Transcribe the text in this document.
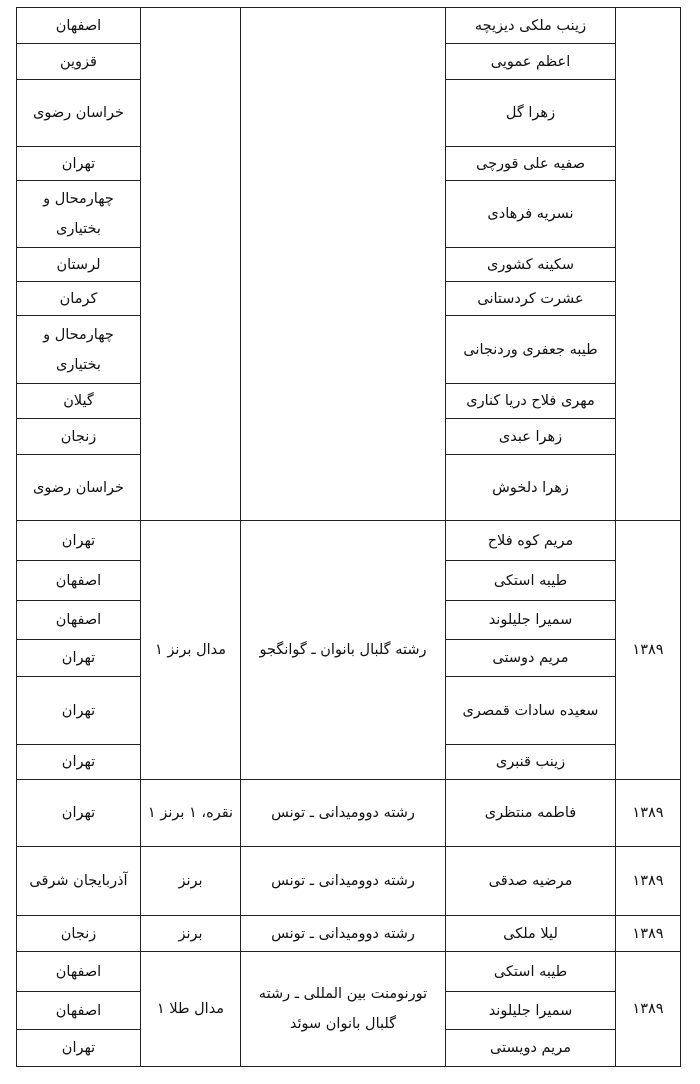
اصفهان			زینب ملکی دیزیچه	
قزوین			اعظم عمویی	
خراسان رضوی			زهرا گل	
تهران			صفیه علی قورچی	
چهارمحال و بختیاری			نسریه فرهادی	
لرستان			سکینه کشوری	
کرمان			عشرت کردستانی	
چهارمحال و بختیاری			طیبه جعفری وردنجانی	
گیلان			مهری فلاح دریا کناری	
زنجان			زهرا عبدی	
خراسان رضوی			زهرا دلخوش	
تهران	۱ مدال برنز	رشته گلبال بانوان ـ گوانگجو	مریم کوه فلاح	۱۳۸۹
اصفهان			طیبه استکی	
اصفهان			سمیرا جلیلوند	
تهران			مریم دوستی	
تهران			سعیده سادات قمصری	
تهران			زینب قنبری	
تهران	۱ نقره، ۱ برنز	رشته دوومیدانی ـ تونس	فاطمه منتظری	۱۳۸۹
آذربایجان شرقی	برنز	رشته دوومیدانی ـ تونس	مرضیه صدقی	۱۳۸۹
زنجان	برنز	رشته دوومیدانی ـ تونس	لیلا ملکی	۱۳۸۹
اصفهان	۱ مدال طلا	تورنومنت بین المللی ـ رشته گلبال بانوان سوئد	طیبه استکی	۱۳۸۹
اصفهان			سمیرا جلیلوند	
تهران			مریم دویستی	
